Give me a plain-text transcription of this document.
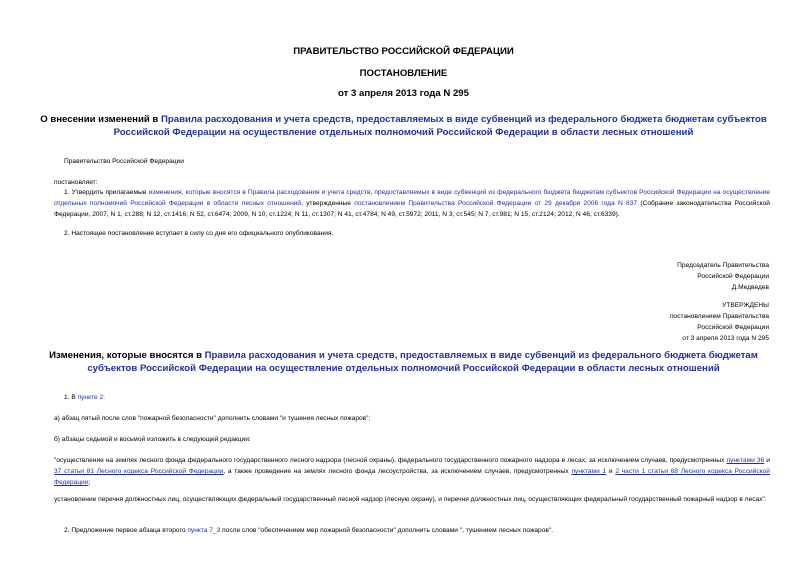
ПРАВИТЕЛЬСТВО РОССИЙСКОЙ ФЕДЕРАЦИИ
ПОСТАНОВЛЕНИЕ
от 3 апреля 2013 года N 295
О внесении изменений в Правила расходования и учета средств, предоставляемых в виде субвенций из федерального бюджета бюджетам субъектов Российской Федерации на осуществление отдельных полномочий Российской Федерации в области лесных отношений
Правительство Российской Федерации
постановляет:
1. Утвердить прилагаемые изменения, которые вносятся в Правила расходования и учета средств, предоставляемых в виде субвенций из федерального бюджета бюджетам субъектов Российской Федерации на осуществление отдельных полномочий Российской Федерации в области лесных отношений, утвержденные постановлением Правительства Российской Федерации от 29 декабря 2006 года N 837 (Собрание законодательства Российской Федерации, 2007, N 1, ст.288; N 12, ст.1416; N 52, ст.6474; 2009, N 10, ст.1224; N 11, ст.1307; N 41, ст.4784; N 49, ст.5972; 2011, N 3, ст.545; N 7, ст.981; N 15, ст.2124; 2012, N 46, ст.6339).
2. Настоящее постановление вступает в силу со дня его официального опубликования.
Председатель Правительства
Российской Федерации
Д.Медведев
УТВЕРЖДЕНЫ
постановлением Правительства
Российской Федерации
от 3 апреля 2013 года N 295
Изменения, которые вносятся в Правила расходования и учета средств, предоставляемых в виде субвенций из федерального бюджета бюджетам субъектов Российской Федерации на осуществление отдельных полномочий Российской Федерации в области лесных отношений
1. В пункте 2:
а) абзац пятый после слов "пожарной безопасности" дополнить словами "и тушения лесных пожаров";
б) абзацы седьмой и восьмой изложить в следующей редакции:
"осуществление на землях лесного фонда федерального государственного лесного надзора (лесной охраны), федерального государственного пожарного надзора в лесах, за исключением случаев, предусмотренных пунктами 36 и 37 статьи 81 Лесного кодекса Российской Федерации, а также проведение на землях лесного фонда лесоустройства, за исключением случаев, предусмотренных пунктами 1 и 2 части 1 статьи 68 Лесного кодекса Российской Федерации;
установление перечня должностных лиц, осуществляющих федеральный государственный лесной надзор (лесную охрану), и перечня должностных лиц, осуществляющих федеральный государственный пожарный надзор в лесах".
2. Предложение первое абзаца второго пункта 7_3 после слов "обеспечением мер пожарной безопасности" дополнить словами ", тушением лесных пожаров".
